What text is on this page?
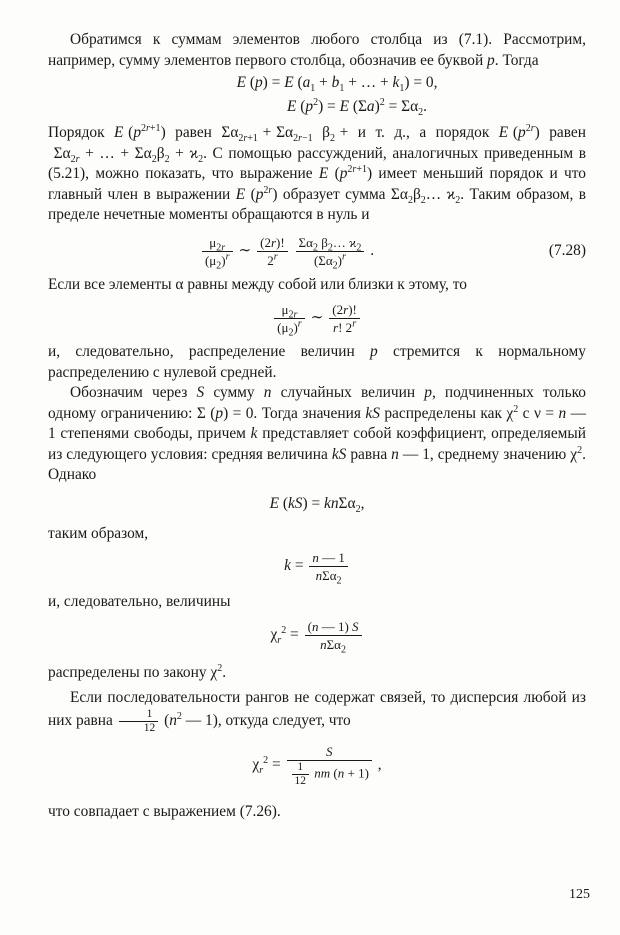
Обратимся к суммам элементов любого столбца из (7.1). Рассмотрим, например, сумму элементов первого столбца, обозначив ее буквой p. Тогда

E (p) = E ($a_1 + b_1$ + … + $k_1) = 0$,
E $(p^2) = E$ $(\Sigma a)^2 = \Sigma\alpha_2$.

Порядок  E $(p^{2r+1})$  равен  $\Sigma\alpha_{2r+1} + \Sigma\alpha_{2r-1}$  $\beta_2 + и$  т.  д.,  а  порядок  E $(p^{2r})$  равен  $\Sigma\alpha_{2r}$ + … + $\Sigma\alpha_2\beta_2 + ϰ_2$. С помощью рассуждений, аналогичных приведенным в (5.21), можно показать, что выражение E $(p^{2r+1})$ имеет меньший порядок и что главный член в выражении E $(p^{2r})$ образует сумма $\Sigma\alpha_2\beta_2\dots$ $ϰ_2$. Таким образом, в пределе нечетные моменты обращаются в нуль и

$\frac{\mu_{2r}}{(\mu_2)^r}$ ∼ $\frac{(2r)!}{2^r}$
$\frac{\Sigma\alpha_2 \beta_2\dots ϰ_2}{(\Sigma\alpha_2)^r}$ .	(7.28)

Если все элементы α равны между собой или близки к этому, то

$\frac{\mu_{2r}}{(\mu_2)^r}$ ∼ $\frac{(2r)!}{r! 2^r}$

и, следовательно, распределение величин p стремится к нормальному распределению с нулевой средней.

Обозначим через S сумму n случайных величин p, подчиненных только одному ограничению: Σ (p) = 0. Тогда значения kS распределены как $\chi^2$ с ν = n — 1 степенями свободы, причем k представляет собой коэффициент, определяемый из следующего условия: средняя величина kS равна n — 1, среднему значению $\chi^2$. Однако

E (kS) = knΣα$_2$,

таким образом,

$k = \frac{n — 1}{n\Sigma\alpha_2}$

и, следовательно, величины

$\chi_r^2 = \frac{(n — 1) S}{n\Sigma\alpha_2}$

распределены по закону $\chi^2$.

Если последовательности рангов не содержат связей, то дисперсия любой из них равна $\frac{1}{12} (n^2$ — 1), откуда следует, что

$\chi_r^2 = \frac{S}{\frac{1}{12} nm (n + 1)}$ ,

что совпадает с выражением (7.26).

125
